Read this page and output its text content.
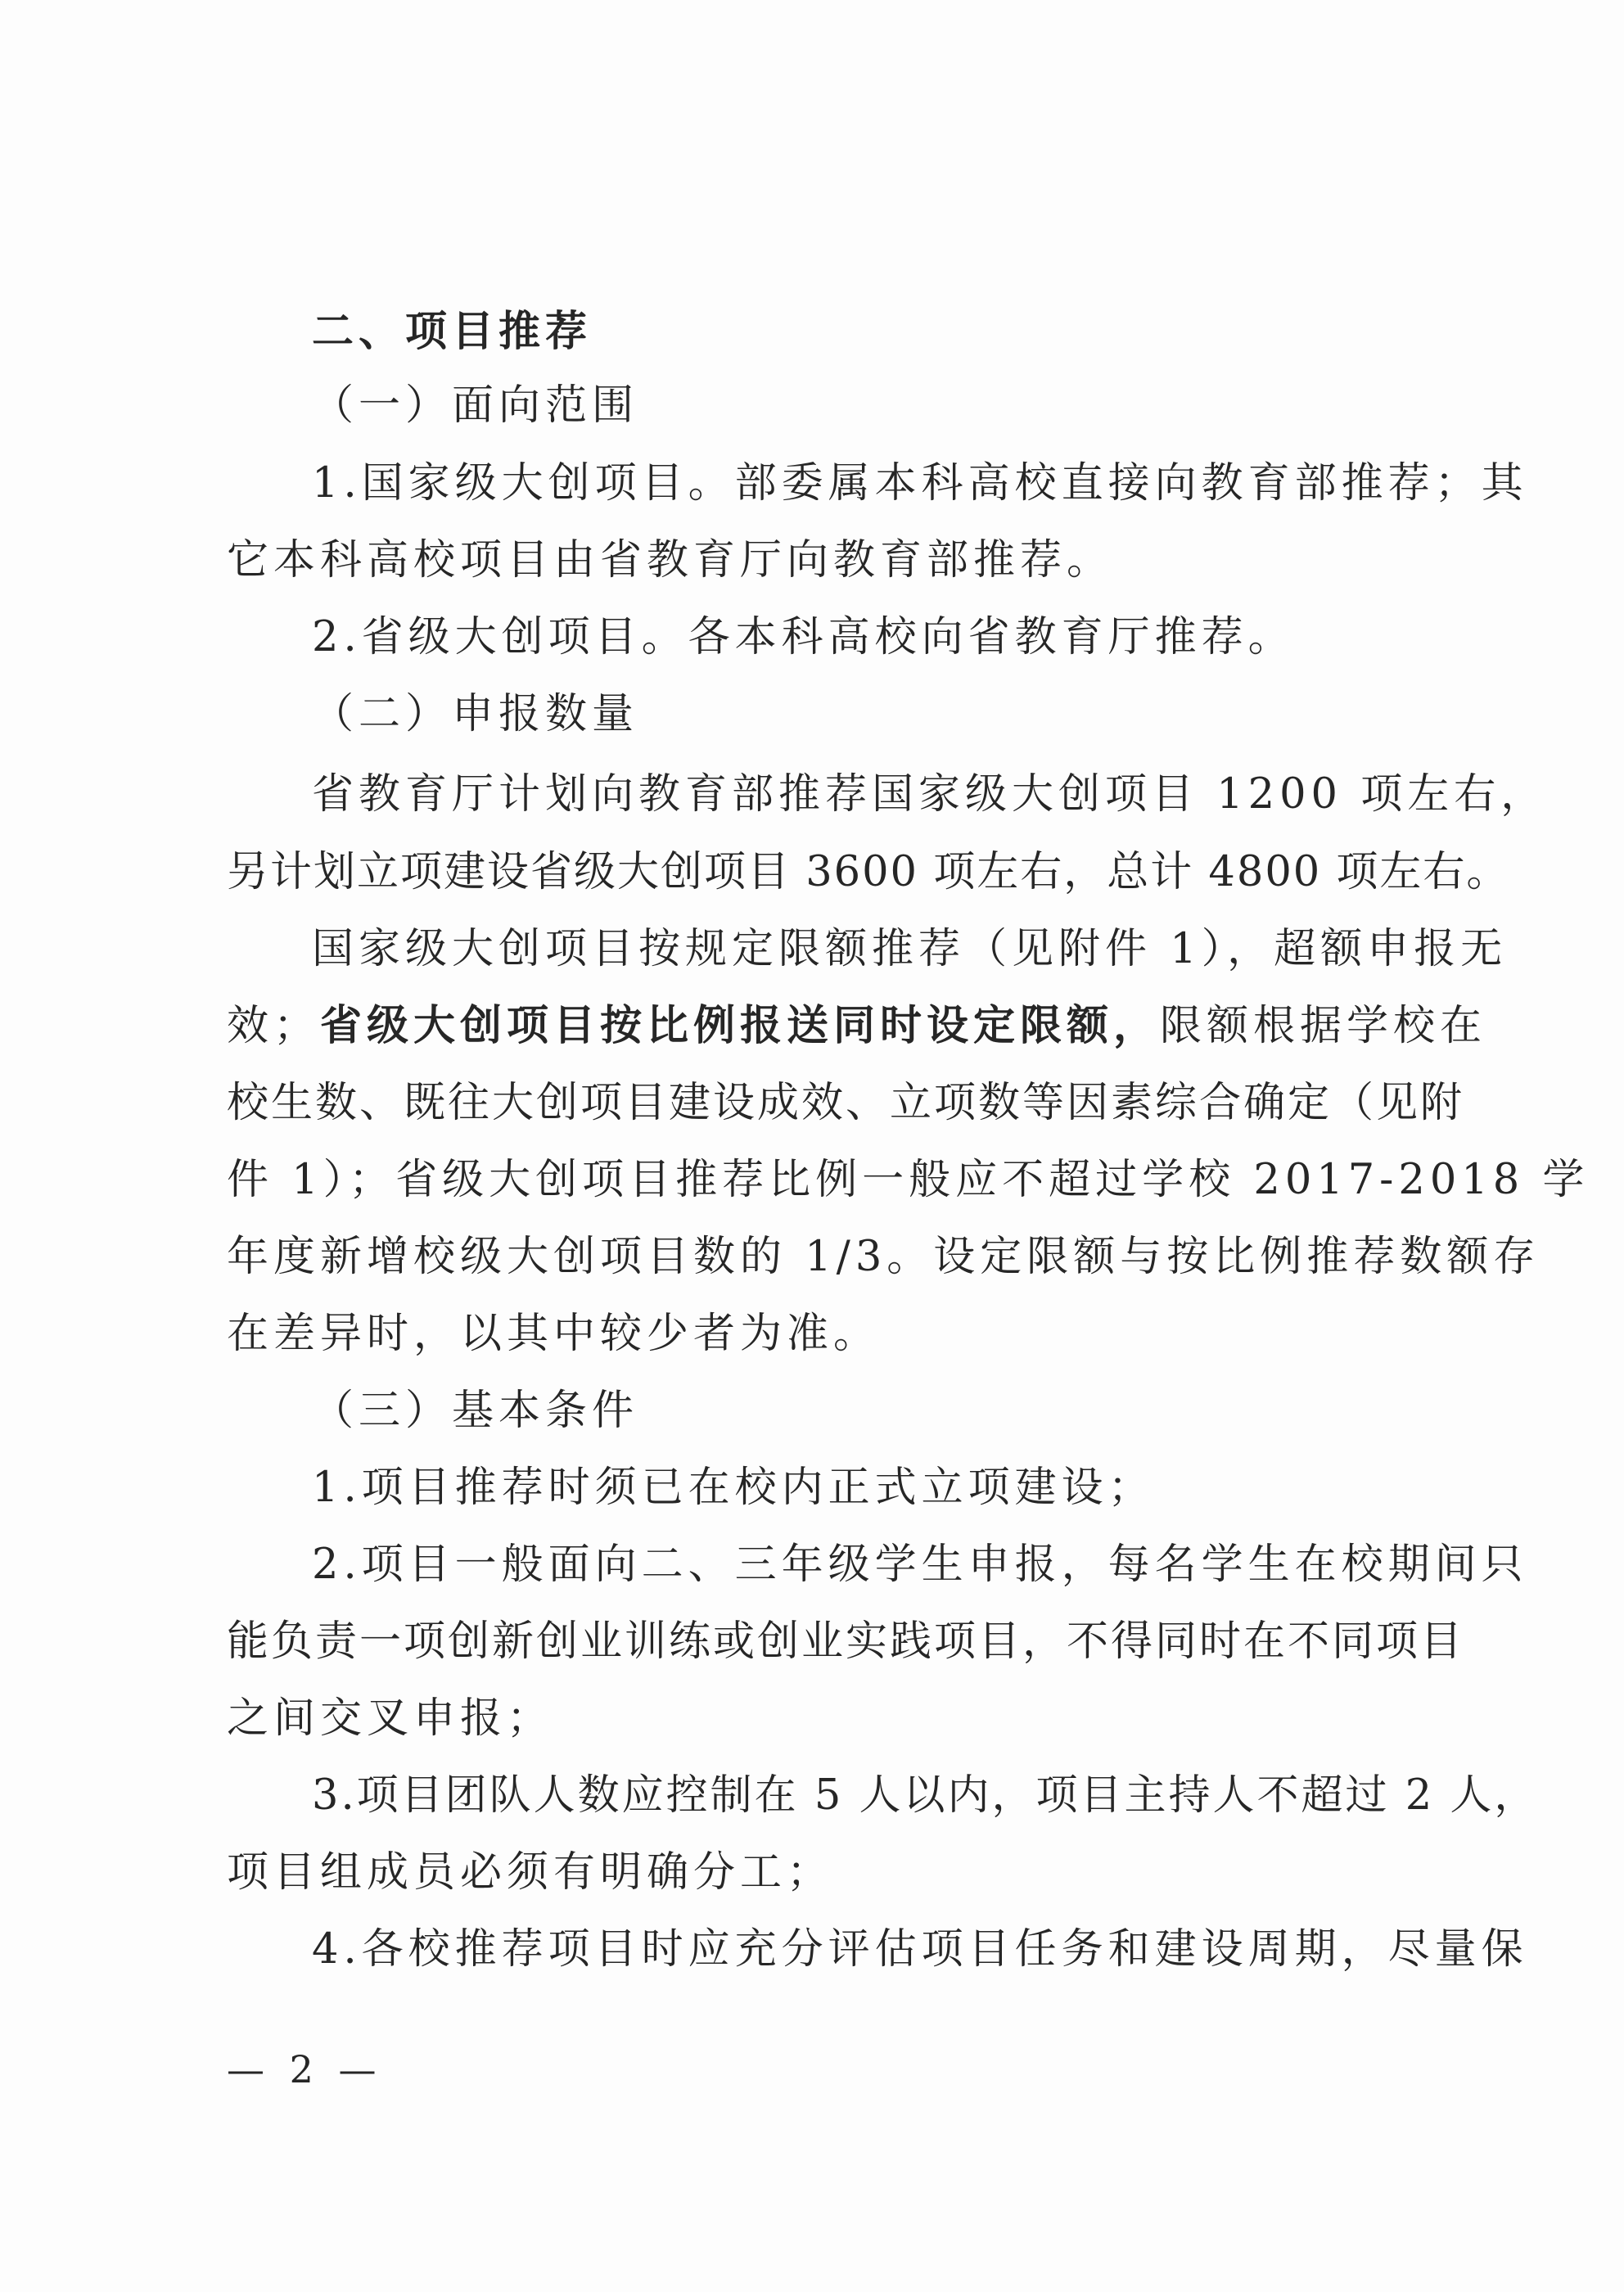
二、项目推荐
（一）面向范围
1.国家级大创项目。部委属本科高校直接向教育部推荐；其
它本科高校项目由省教育厅向教育部推荐。
2.省级大创项目。各本科高校向省教育厅推荐。
（二）申报数量
省教育厅计划向教育部推荐国家级大创项目 1200 项左右，
另计划立项建设省级大创项目 3600 项左右，总计 4800 项左右。
国家级大创项目按规定限额推荐（见附件 1），超额申报无
效；省级大创项目按比例报送同时设定限额，限额根据学校在
校生数、既往大创项目建设成效、立项数等因素综合确定（见附
件 1）；省级大创项目推荐比例一般应不超过学校 2017-2018 学
年度新增校级大创项目数的 1/3。设定限额与按比例推荐数额存
在差异时，以其中较少者为准。
（三）基本条件
1.项目推荐时须已在校内正式立项建设；
2.项目一般面向二、三年级学生申报，每名学生在校期间只
能负责一项创新创业训练或创业实践项目，不得同时在不同项目
之间交叉申报；
3.项目团队人数应控制在 5 人以内，项目主持人不超过 2 人，
项目组成员必须有明确分工；
4.各校推荐项目时应充分评估项目任务和建设周期，尽量保
— 2 —
